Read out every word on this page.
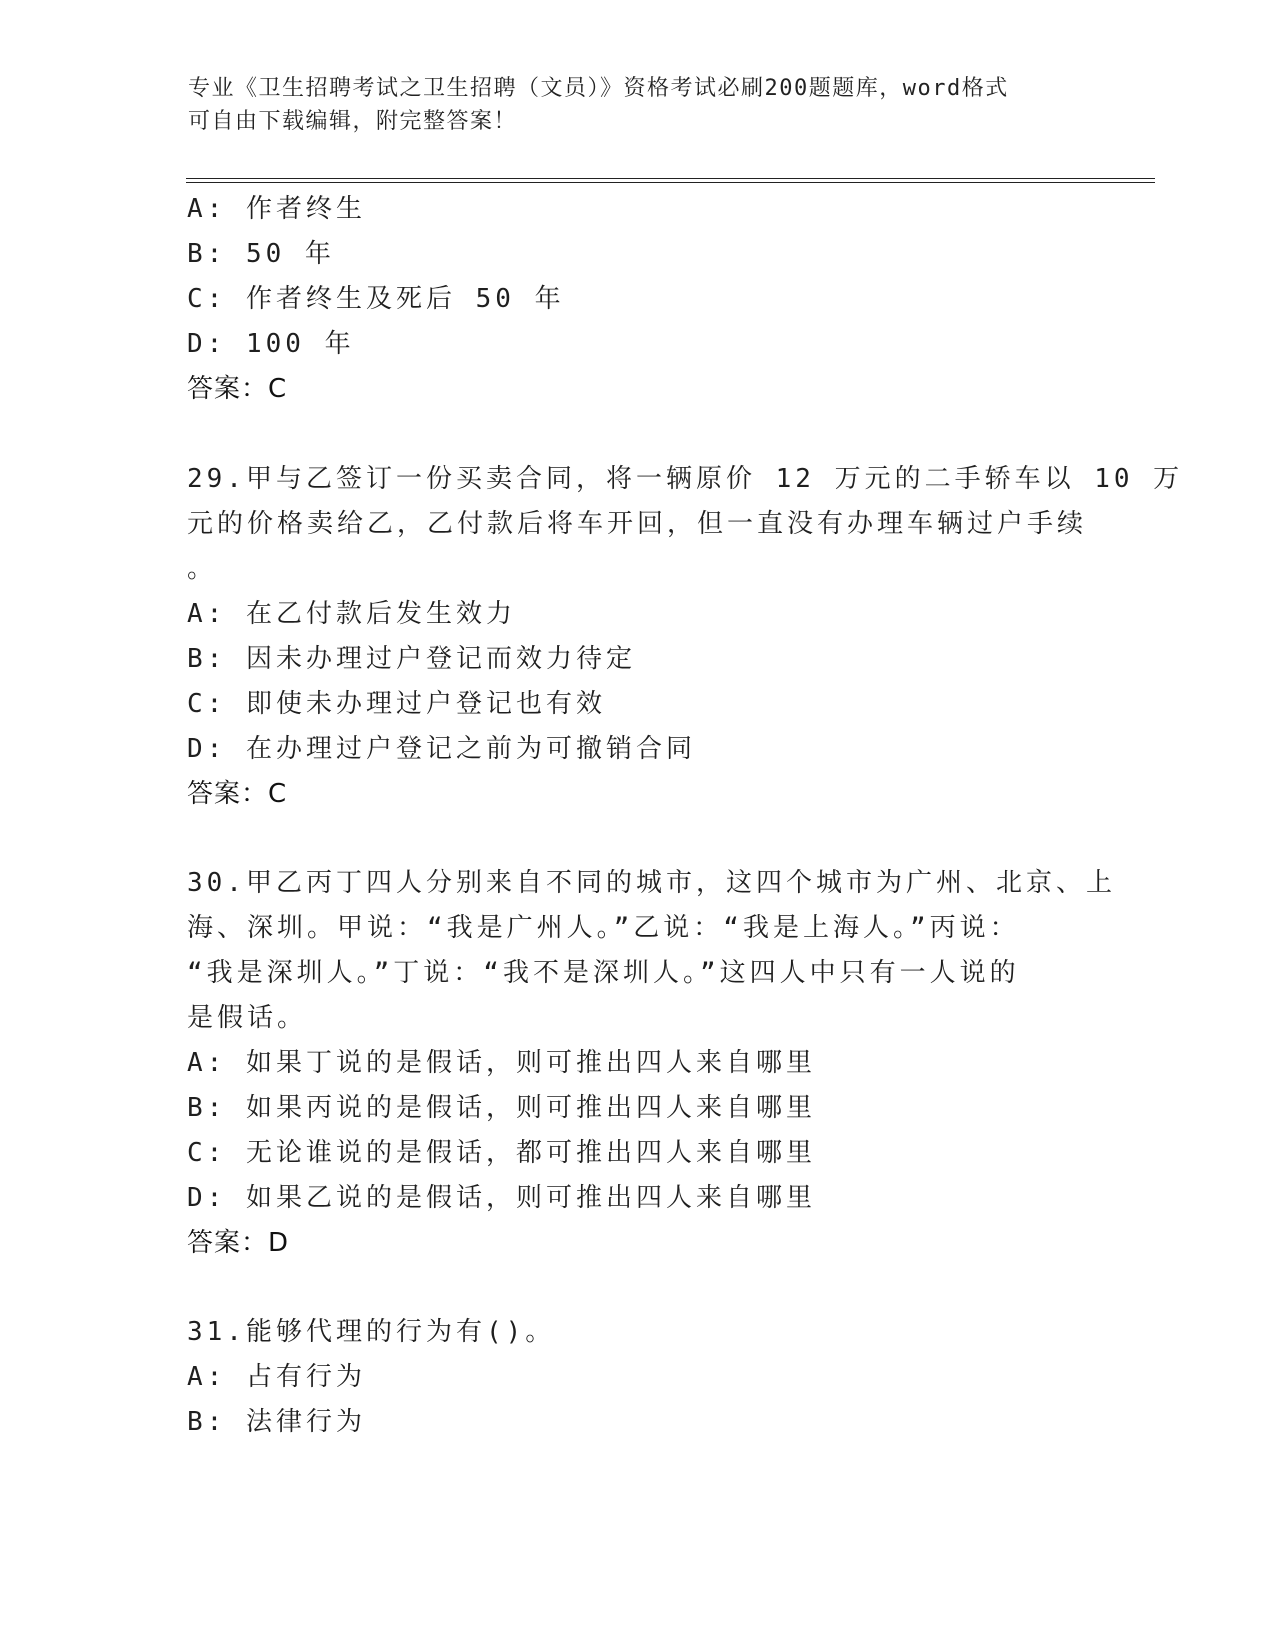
专业《卫生招聘考试之卫生招聘（文员）》资格考试必刷200题题库，word格式
可自由下载编辑，附完整答案！
A: 作者终生
B: 50 年
C: 作者终生及死后 50 年
D: 100 年
答案：C
29.甲与乙签订一份买卖合同，将一辆原价 12 万元的二手轿车以 10 万
元的价格卖给乙，乙付款后将车开回，但一直没有办理车辆过户手续
。
A: 在乙付款后发生效力
B: 因未办理过户登记而效力待定
C: 即使未办理过户登记也有效
D: 在办理过户登记之前为可撤销合同
答案：C
30.甲乙丙丁四人分别来自不同的城市，这四个城市为广州、北京、上
海、深圳。甲说：“我是广州人。”乙说：“我是上海人。”丙说：
“我是深圳人。”丁说：“我不是深圳人。”这四人中只有一人说的
是假话。
A: 如果丁说的是假话，则可推出四人来自哪里
B: 如果丙说的是假话，则可推出四人来自哪里
C: 无论谁说的是假话，都可推出四人来自哪里
D: 如果乙说的是假话，则可推出四人来自哪里
答案：D
31.能够代理的行为有()。
A: 占有行为
B: 法律行为
